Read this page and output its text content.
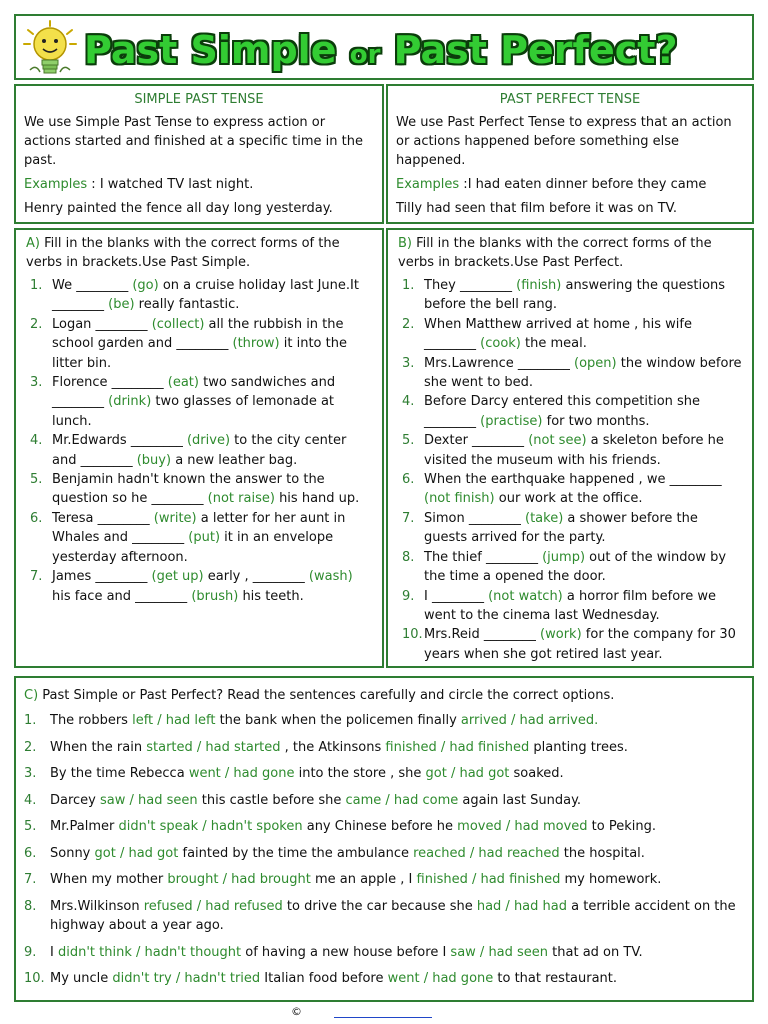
Past Simple or Past Perfect?
SIMPLE PAST TENSE
We use Simple Past Tense to express action or actions started and finished at a specific time in the past.
Examples : I watched TV last night.
Henry painted the fence all day long yesterday.
PAST PERFECT TENSE
We use Past Perfect Tense to express that an action or actions happened before something else happened.
Examples :I had eaten dinner before they came
Tilly had seen that film before it was on TV.
A) Fill in the blanks with the correct forms of the verbs in brackets.Use Past Simple.
1. We ________ (go) on a cruise holiday last June.It ________ (be) really fantastic.
2. Logan ________ (collect) all the rubbish in the school garden and ________ (throw) it into the litter bin.
3. Florence ________ (eat) two sandwiches and ________ (drink) two glasses of lemonade at lunch.
4. Mr.Edwards ________ (drive) to the city center and ________ (buy) a new leather bag.
5. Benjamin hadn't known the answer to the question so he ________ (not raise) his hand up.
6. Teresa ________ (write) a letter for her aunt in Whales and ________ (put) it in an envelope yesterday afternoon.
7. James ________ (get up) early , ________ (wash) his face and ________ (brush) his teeth.
B) Fill in the blanks with the correct forms of the verbs in brackets.Use Past Perfect.
1. They ________ (finish) answering the questions before the bell rang.
2. When Matthew arrived at home , his wife ________ (cook) the meal.
3. Mrs.Lawrence ________ (open) the window before she went to bed.
4. Before Darcy entered this competition she ________ (practise) for two months.
5. Dexter ________ (not see) a skeleton before he visited the museum with his friends.
6. When the earthquake happened , we ________ (not finish) our work at the office.
7. Simon ________ (take) a shower before the guests arrived for the party.
8. The thief ________ (jump) out of the window by the time a opened the door.
9. I ________ (not watch) a horror film before we went to the cinema last Wednesday.
10. Mrs.Reid ________ (work) for the company for 30 years when she got retired last year.
C) Past Simple or Past Perfect? Read the sentences carefully and circle the correct options.
1. The robbers left / had left the bank when the policemen finally arrived / had arrived.
2. When the rain started / had started , the Atkinsons finished / had finished planting trees.
3. By the time Rebecca went / had gone into the store , she got / had got soaked.
4. Darcey saw / had seen this castle before she came / had come again last Sunday.
5. Mr.Palmer didn't speak / hadn't spoken any Chinese before he moved / had moved to Peking.
6. Sonny got / had got fainted by the time the ambulance reached / had reached the hospital.
7. When my mother brought / had brought me an apple , I finished / had finished my homework.
8. Mrs.Wilkinson refused / had refused to drive the car because she had / had had a terrible accident on the highway about a year ago.
9. I didn't think / hadn't thought of having a new house before I saw / had seen that ad on TV.
10. My uncle didn't try / hadn't tried Italian food before went / had gone to that restaurant.
©
